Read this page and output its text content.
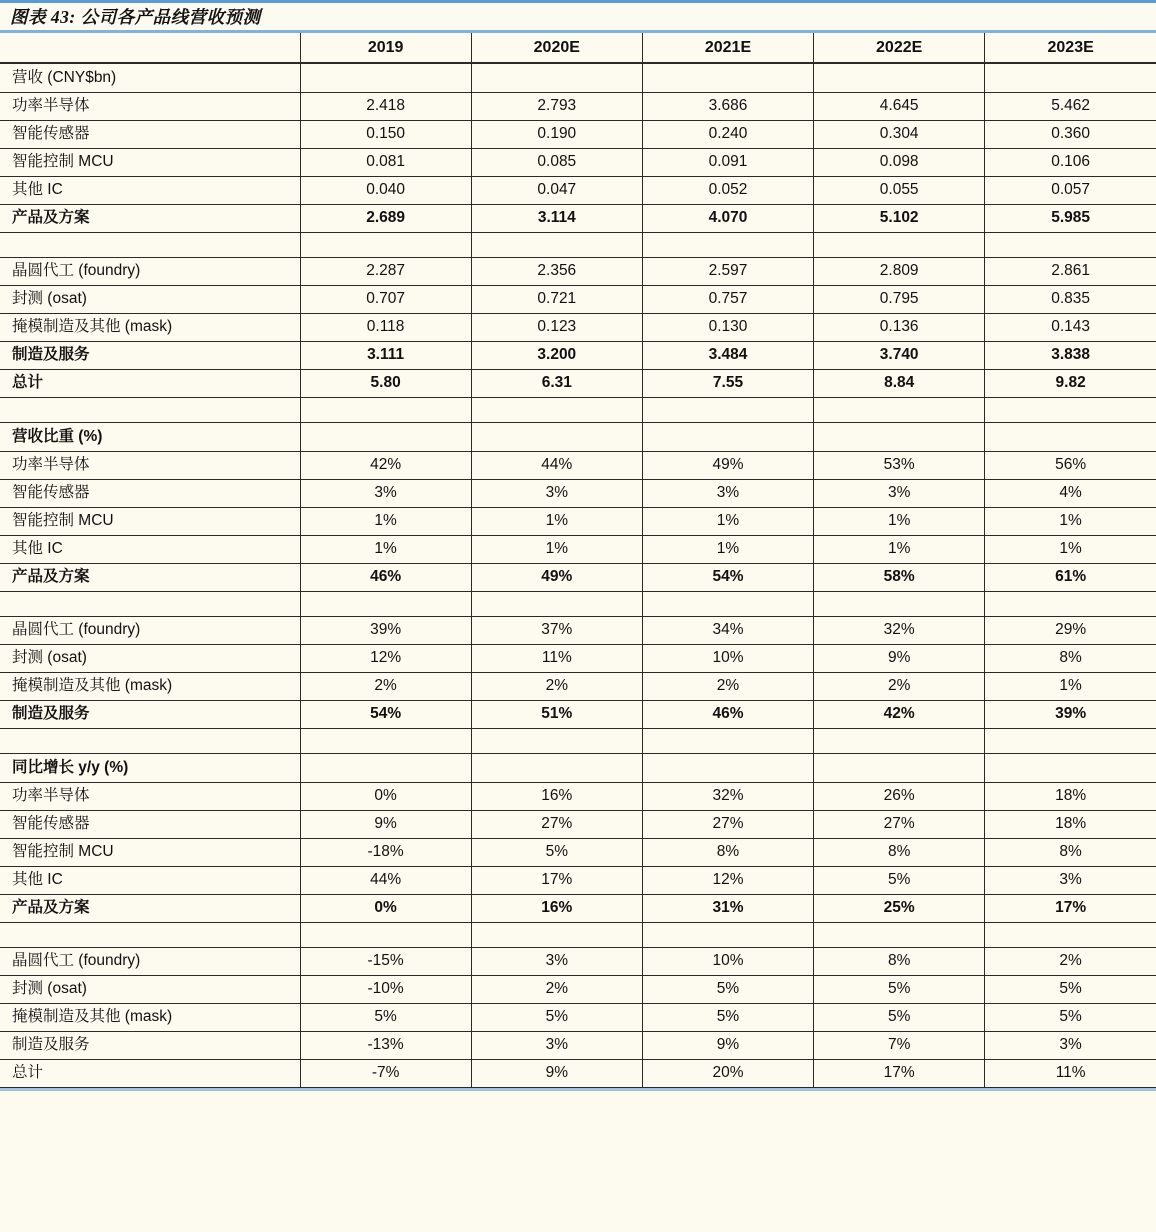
图表 43: 公司各产品线营收预测
	2019	2020E	2021E	2022E	2023E
营收 (CNY$bn)					
功率半导体	2.418	2.793	3.686	4.645	5.462
智能传感器	0.150	0.190	0.240	0.304	0.360
智能控制 MCU	0.081	0.085	0.091	0.098	0.106
其他 IC	0.040	0.047	0.052	0.055	0.057
产品及方案	2.689	3.114	4.070	5.102	5.985

晶圆代工 (foundry)	2.287	2.356	2.597	2.809	2.861
封测 (osat)	0.707	0.721	0.757	0.795	0.835
掩模制造及其他 (mask)	0.118	0.123	0.130	0.136	0.143
制造及服务	3.111	3.200	3.484	3.740	3.838
总计	5.80	6.31	7.55	8.84	9.82

营收比重 (%)					
功率半导体	42%	44%	49%	53%	56%
智能传感器	3%	3%	3%	3%	4%
智能控制 MCU	1%	1%	1%	1%	1%
其他 IC	1%	1%	1%	1%	1%
产品及方案	46%	49%	54%	58%	61%

晶圆代工 (foundry)	39%	37%	34%	32%	29%
封测 (osat)	12%	11%	10%	9%	8%
掩模制造及其他 (mask)	2%	2%	2%	2%	1%
制造及服务	54%	51%	46%	42%	39%

同比增长 y/y (%)					
功率半导体	0%	16%	32%	26%	18%
智能传感器	9%	27%	27%	27%	18%
智能控制 MCU	-18%	5%	8%	8%	8%
其他 IC	44%	17%	12%	5%	3%
产品及方案	0%	16%	31%	25%	17%

晶圆代工 (foundry)	-15%	3%	10%	8%	2%
封测 (osat)	-10%	2%	5%	5%	5%
掩模制造及其他 (mask)	5%	5%	5%	5%	5%
制造及服务	-13%	3%	9%	7%	3%
总计	-7%	9%	20%	17%	11%
